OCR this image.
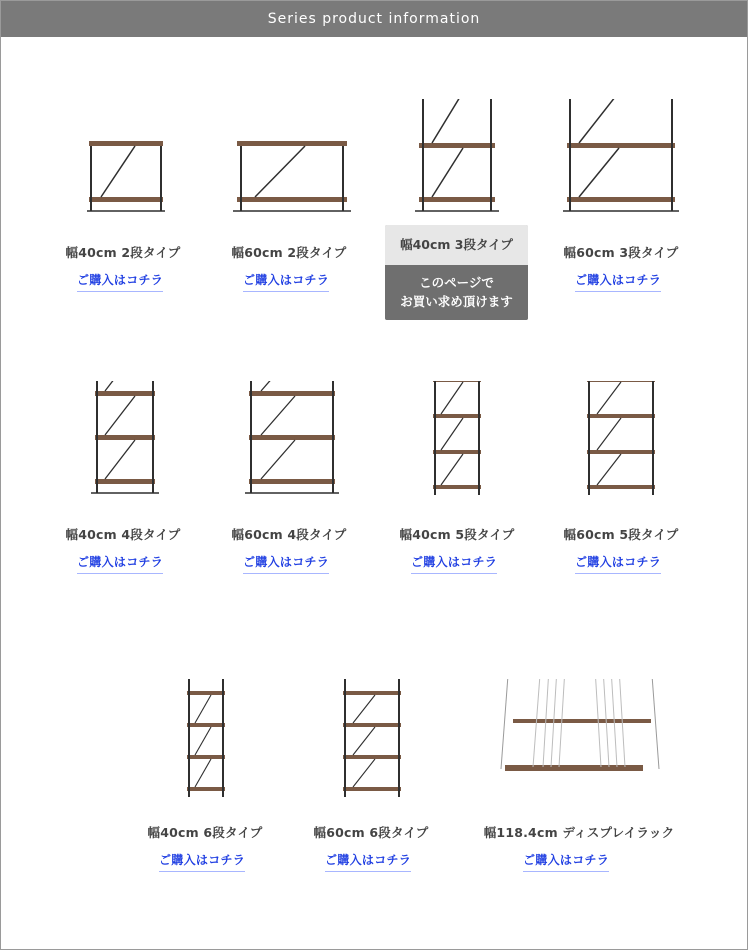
Series product information
幅40cm 2段タイプ
ご購入はコチラ
幅60cm 2段タイプ
ご購入はコチラ
幅60cm 3段タイプ
ご購入はコチラ
幅40cm 3段タイプ
このページで
お買い求め頂けます
幅40cm 4段タイプ
ご購入はコチラ
幅60cm 4段タイプ
ご購入はコチラ
幅40cm 5段タイプ
ご購入はコチラ
幅60cm 5段タイプ
ご購入はコチラ
幅40cm 6段タイプ
ご購入はコチラ
幅60cm 6段タイプ
ご購入はコチラ
幅118.4cm ディスプレイラック
ご購入はコチラ
